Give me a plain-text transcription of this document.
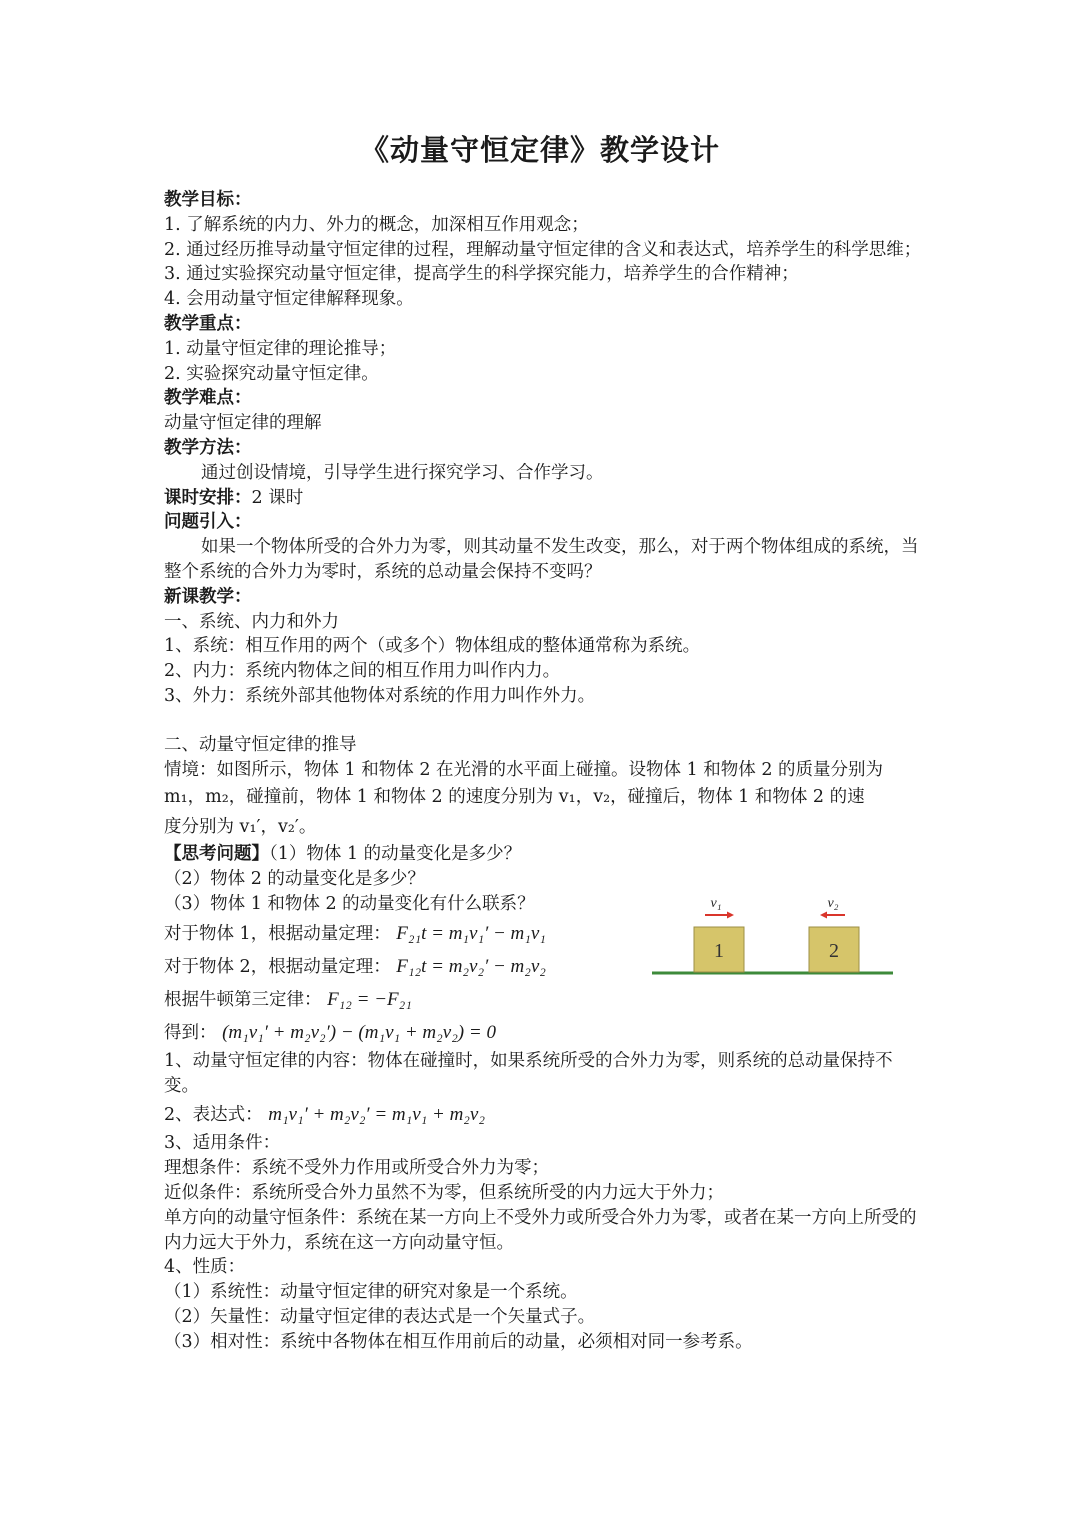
《动量守恒定律》教学设计
教学目标：
1. 了解系统的内力、外力的概念，加深相互作用观念；
2. 通过经历推导动量守恒定律的过程，理解动量守恒定律的含义和表达式，培养学生的科学思维；
3. 通过实验探究动量守恒定律，提高学生的科学探究能力，培养学生的合作精神；
4. 会用动量守恒定律解释现象。
教学重点：
1. 动量守恒定律的理论推导；
2. 实验探究动量守恒定律。
教学难点：
动量守恒定律的理解
教学方法：
通过创设情境，引导学生进行探究学习、合作学习。
课时安排：2 课时
问题引入：
如果一个物体所受的合外力为零，则其动量不发生改变，那么，对于两个物体组成的系统，当整个系统的合外力为零时，系统的总动量会保持不变吗？
新课教学：
一、系统、内力和外力
1、系统：相互作用的两个（或多个）物体组成的整体通常称为系统。
2、内力：系统内物体之间的相互作用力叫作内力。
3、外力：系统外部其他物体对系统的作用力叫作外力。
二、动量守恒定律的推导
情境：如图所示，物体 1 和物体 2 在光滑的水平面上碰撞。设物体 1 和物体 2 的质量分别为
m₁，m₂，碰撞前，物体 1 和物体 2 的速度分别为 v₁，v₂，碰撞后，物体 1 和物体 2 的速
度分别为 v₁′，v₂′。
【思考问题】（1）物体 1 的动量变化是多少？
（2）物体 2 的动量变化是多少？
（3）物体 1 和物体 2 的动量变化有什么联系？
对于物体 1，根据动量定理： F₂₁t = m₁v₁′ − m₁v₁
对于物体 2，根据动量定理： F₁₂t = m₂v₂′ − m₂v₂
根据牛顿第三定律： F₁₂ = −F₂₁
得到： (m₁v₁′ + m₂v₂′) − (m₁v₁ + m₂v₂) = 0
1、动量守恒定律的内容：物体在碰撞时，如果系统所受的合外力为零，则系统的总动量保持不变。
2、表达式： m₁v₁′ + m₂v₂′ = m₁v₁ + m₂v₂
3、适用条件：
理想条件：系统不受外力作用或所受合外力为零；
近似条件：系统所受合外力虽然不为零，但系统所受的内力远大于外力；
单方向的动量守恒条件：系统在某一方向上不受外力或所受合外力为零，或者在某一方向上所受的内力远大于外力，系统在这一方向动量守恒。
4、性质：
（1）系统性：动量守恒定律的研究对象是一个系统。
（2）矢量性：动量守恒定律的表达式是一个矢量式子。
（3）相对性：系统中各物体在相互作用前后的动量，必须相对同一参考系。
1	2
v₁	v₂
